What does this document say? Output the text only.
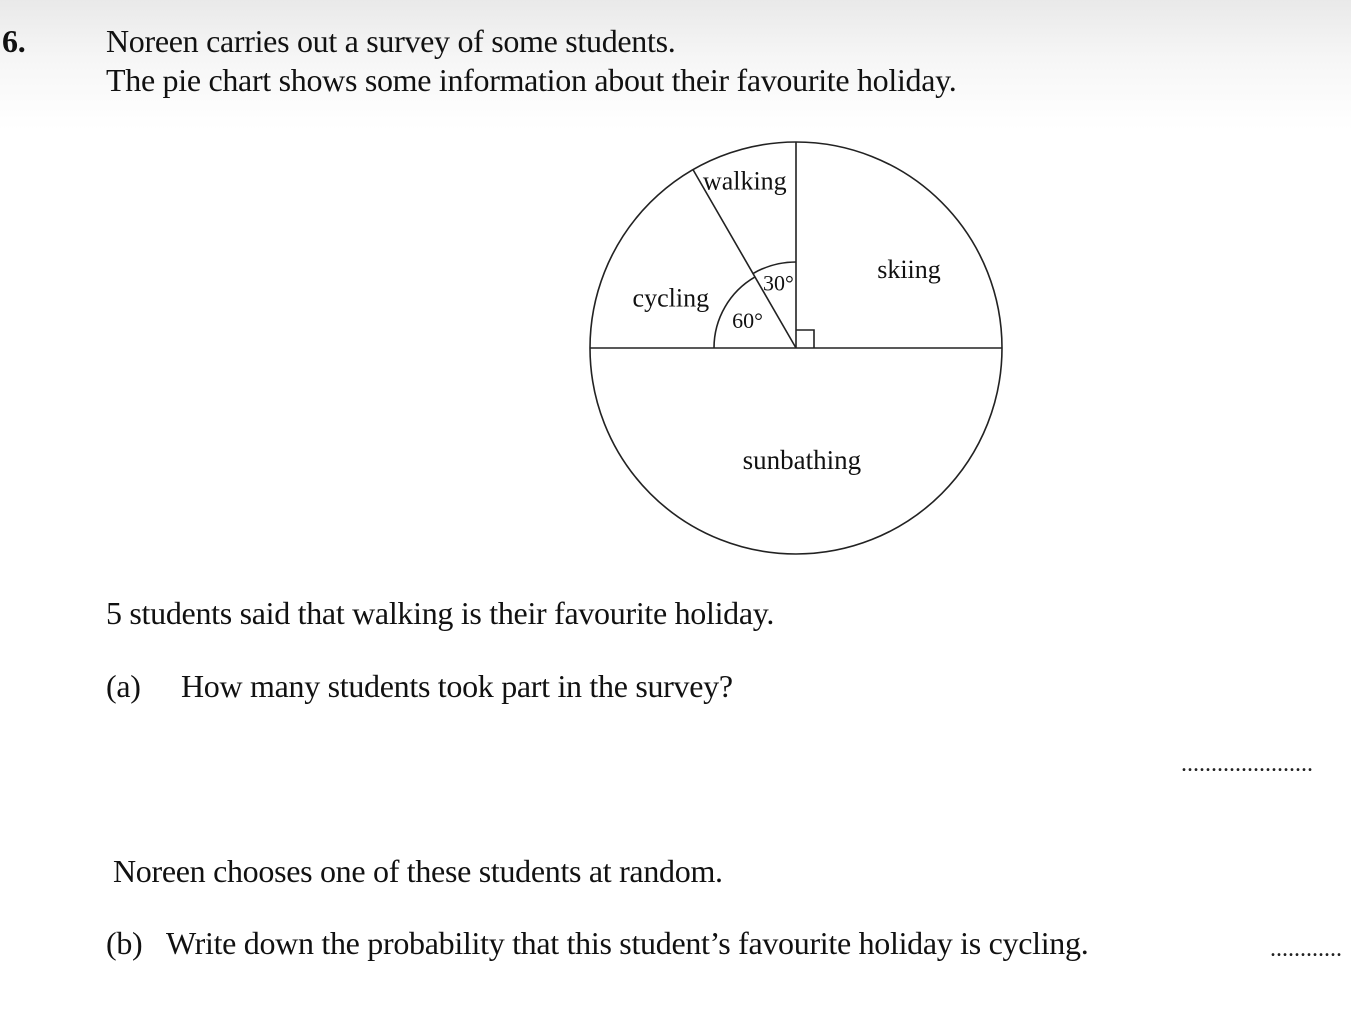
6.	Noreen carries out a survey of some students.
The pie chart shows some information about their favourite holiday.
skiing
walking
cycling
sunbathing
30°
60°
5 students said that walking is their favourite holiday.
(a) How many students took part in the survey?
......................
Noreen chooses one of these students at random.
(b) Write down the probability that this student’s favourite holiday is cycling.	............
